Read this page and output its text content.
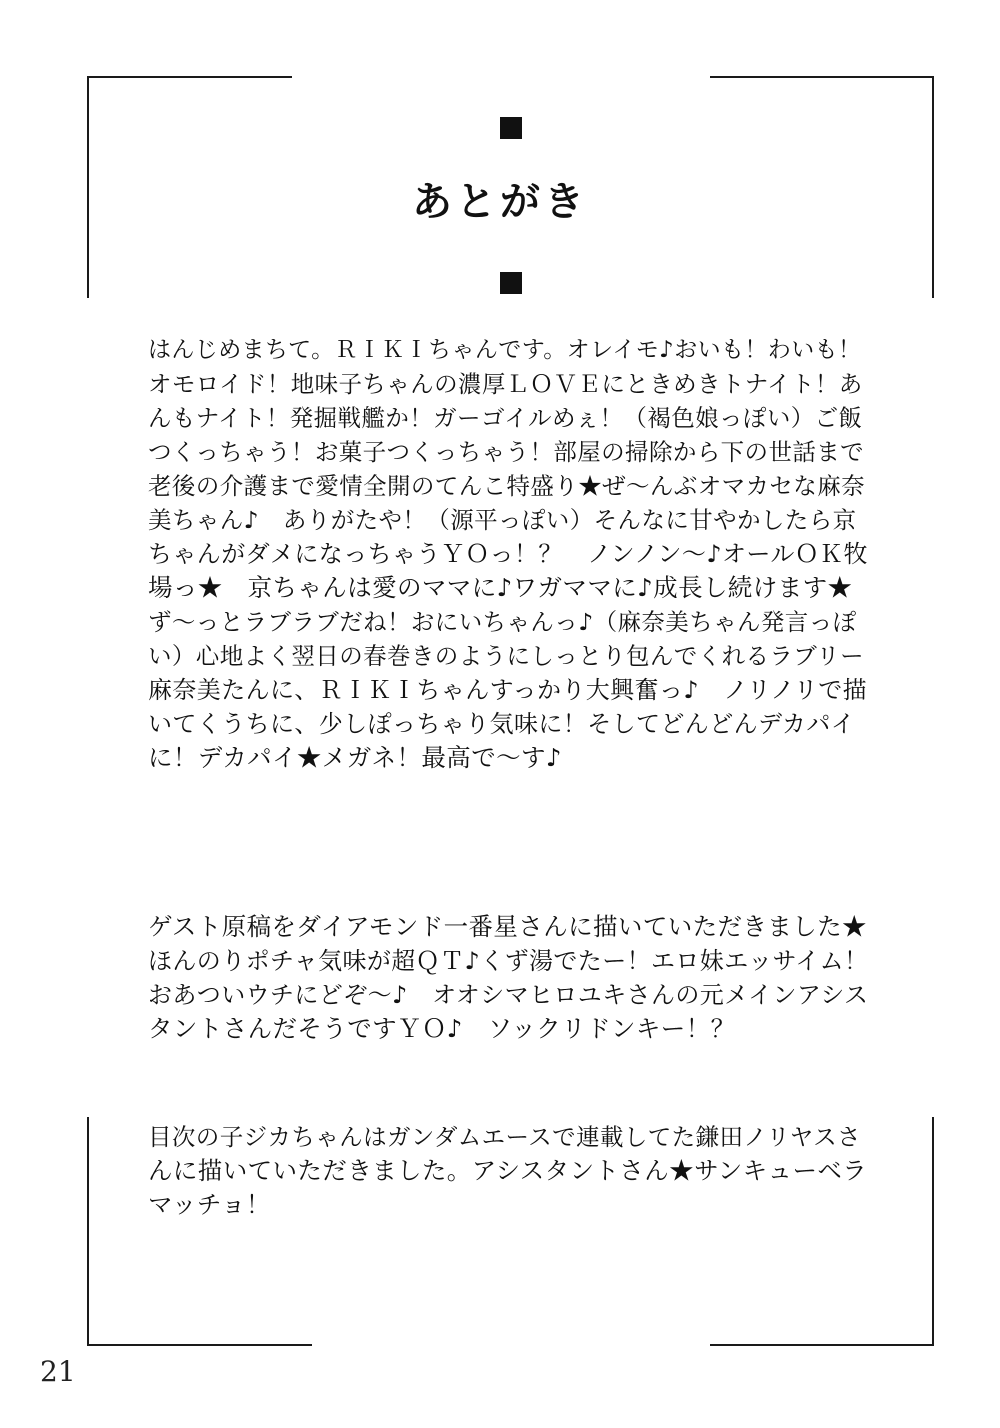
あとがき
はんじめまちて。ＲＩＫＩちゃんです。オレイモ♪おいも！わいも！
オモロイド！地味子ちゃんの濃厚ＬＯＶＥにときめきトナイト！あ
んもナイト！発掘戦艦か！ガーゴイルめぇ！（褐色娘っぽい）ご飯
つくっちゃう！お菓子つくっちゃう！部屋の掃除から下の世話まで
老後の介護まで愛情全開のてんこ特盛り★ぜ〜んぶオマカセな麻奈
美ちゃん♪　ありがたや！（源平っぽい）そんなに甘やかしたら京
ちゃんがダメになっちゃうＹＯっ！？　ノンノン〜♪オールＯＫ牧
場っ★　京ちゃんは愛のママに♪ワガママに♪成長し続けます★
ず〜っとラブラブだね！おにいちゃんっ♪（麻奈美ちゃん発言っぽ
い）心地よく翌日の春巻きのようにしっとり包んでくれるラブリー
麻奈美たんに、ＲＩＫＩちゃんすっかり大興奮っ♪　ノリノリで描
いてくうちに、少しぽっちゃり気味に！そしてどんどんデカパイ
に！デカパイ★メガネ！最高で〜す♪
ゲスト原稿をダイアモンド一番星さんに描いていただきました★
ほんのりポチャ気味が超ＱＴ♪くず湯でたー！エロ妹エッサイム！
おあついウチにどぞ〜♪　オオシマヒロユキさんの元メインアシス
タントさんだそうですＹＯ♪　ソックリドンキー！？
目次の子ジカちゃんはガンダムエースで連載してた鎌田ノリヤスさ
んに描いていただきました。アシスタントさん★サンキューベラ
マッチョ！
21
